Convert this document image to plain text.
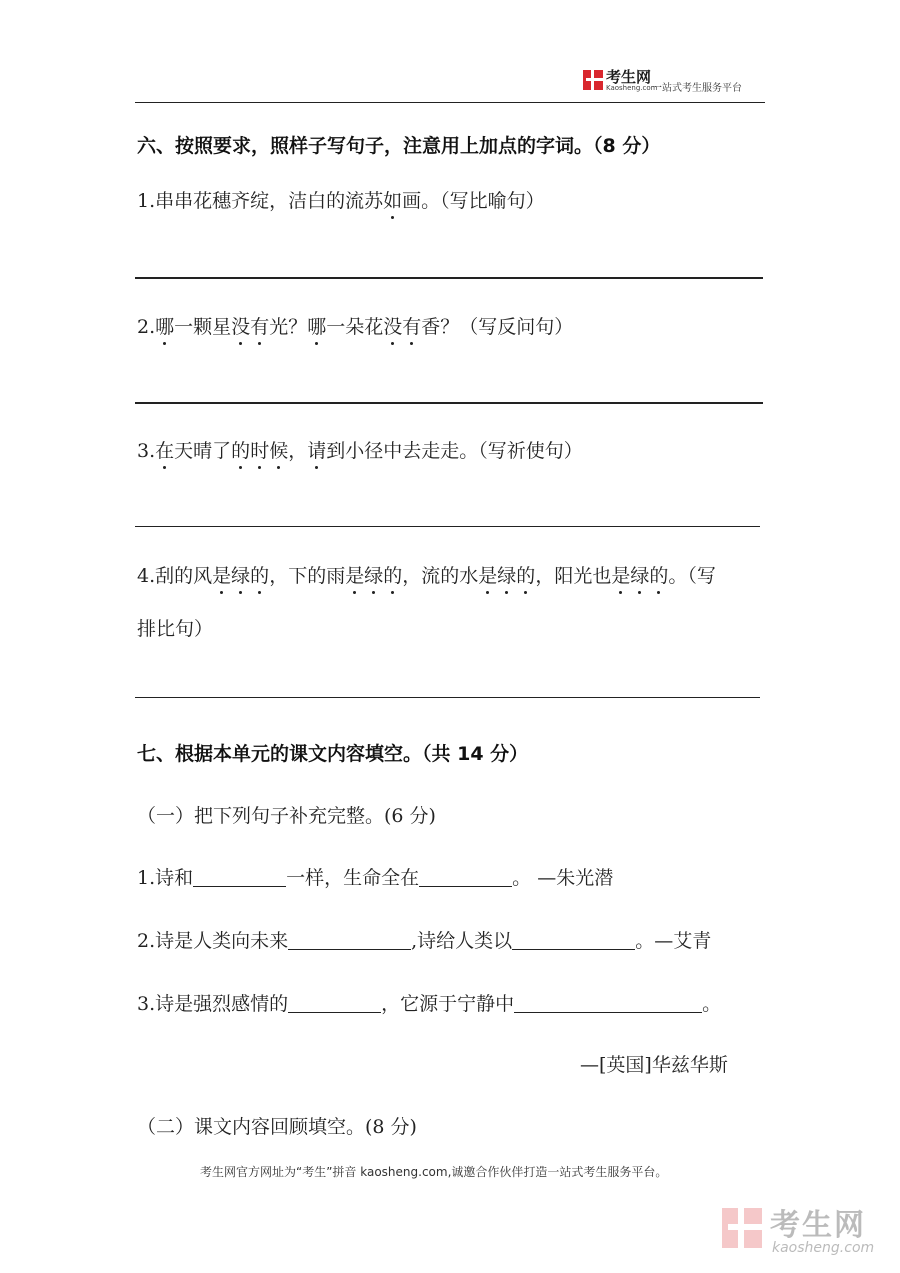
考生网
Kaosheng.com
一站式考生服务平台
六、按照要求，照样子写句子，注意用上加点的字词。（8 分）
1.串串花穗齐绽，洁白的流苏如画。（写比喻句）
2.哪一颗星没有光？哪一朵花没有香？（写反问句）
3.在天晴了的时候，请到小径中去走走。（写祈使句）
4.刮的风是绿的，下的雨是绿的，流的水是绿的，阳光也是绿的。（写
排比句）
七、根据本单元的课文内容填空。（共 14 分）
（一）把下列句子补充完整。(6 分)
1.诗和	一样，生命全在	。 —朱光潜
2.诗是人类向未来	,诗给人类以	。—艾青
3.诗是强烈感情的	，它源于宁静中	。
—[英国]华兹华斯
（二）课文内容回顾填空。(8 分)
考生网官方网址为“考生”拼音 kaosheng.com,诚邀合作伙伴打造一站式考生服务平台。
考生网
kaosheng.com
